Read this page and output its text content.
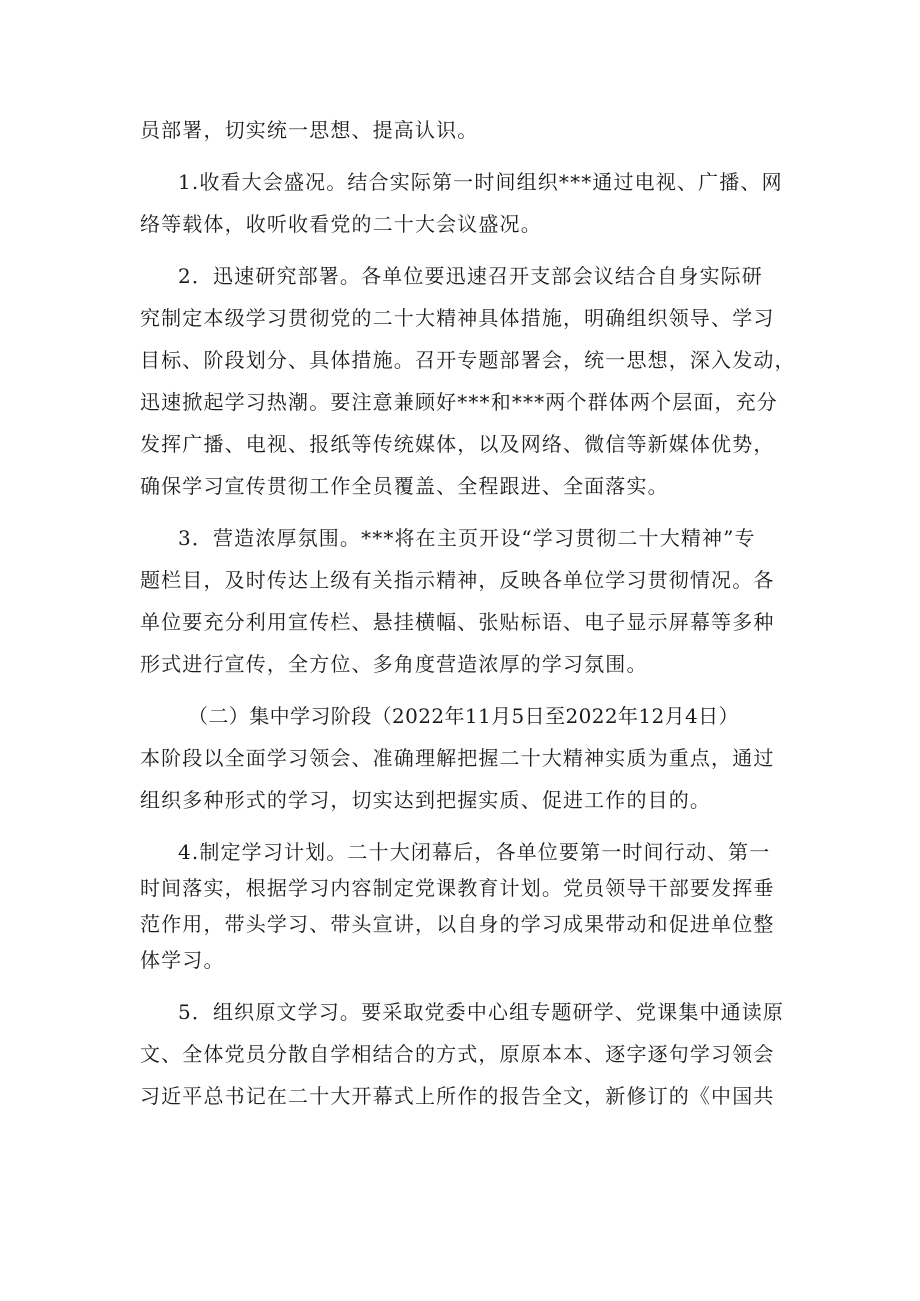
员部署，切实统一思想、提高认识。
1.收看大会盛况。结合实际第一时间组织***通过电视、广播、网
络等载体，收听收看党的二十大会议盛况。
2．迅速研究部署。各单位要迅速召开支部会议结合自身实际研
究制定本级学习贯彻党的二十大精神具体措施，明确组织领导、学习
目标、阶段划分、具体措施。召开专题部署会，统一思想，深入发动，
迅速掀起学习热潮。要注意兼顾好***和***两个群体两个层面，充分
发挥广播、电视、报纸等传统媒体，以及网络、微信等新媒体优势，
确保学习宣传贯彻工作全员覆盖、全程跟进、全面落实。
3．营造浓厚氛围。***将在主页开设“学习贯彻二十大精神”专
题栏目，及时传达上级有关指示精神，反映各单位学习贯彻情况。各
单位要充分利用宣传栏、悬挂横幅、张贴标语、电子显示屏幕等多种
形式进行宣传，全方位、多角度营造浓厚的学习氛围。
（二）集中学习阶段（2022年11月5日至2022年12月4日）
本阶段以全面学习领会、准确理解把握二十大精神实质为重点，通过
组织多种形式的学习，切实达到把握实质、促进工作的目的。
4.制定学习计划。二十大闭幕后，各单位要第一时间行动、第一
时间落实，根据学习内容制定党课教育计划。党员领导干部要发挥垂
范作用，带头学习、带头宣讲，以自身的学习成果带动和促进单位整
体学习。
5．组织原文学习。要采取党委中心组专题研学、党课集中通读原
文、全体党员分散自学相结合的方式，原原本本、逐字逐句学习领会
习近平总书记在二十大开幕式上所作的报告全文，新修订的《中国共
